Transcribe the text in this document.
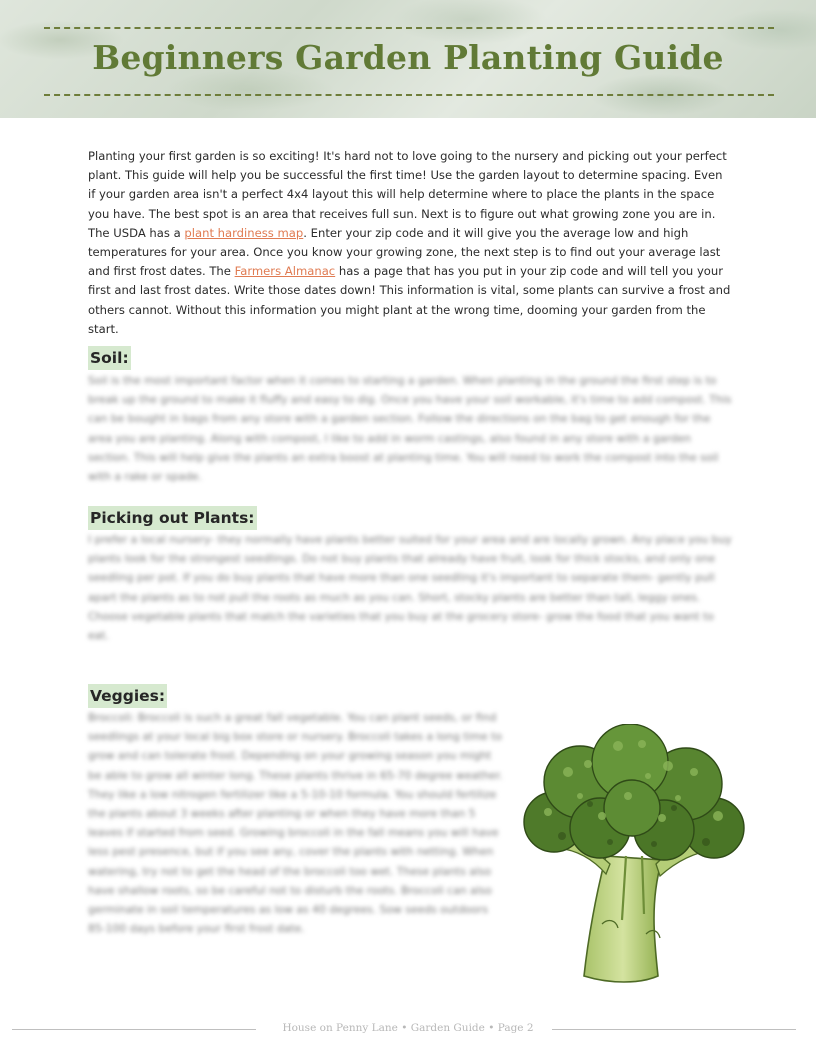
Beginners Garden Planting Guide

Planting your first garden is so exciting! It's hard not to love going to the nursery and picking out your perfect plant. This guide will help you be successful the first time! Use the garden layout to determine spacing. Even if your garden area isn't a perfect 4x4 layout this will help determine where to place the plants in the space you have. The best spot is an area that receives full sun. Next is to figure out what growing zone you are in. The USDA has a plant hardiness map. Enter your zip code and it will give you the average low and high temperatures for your area. Once you know your growing zone, the next step is to find out your average last and first frost dates. The Farmers Almanac has a page that has you put in your zip code and will tell you your first and last frost dates. Write those dates down! This information is vital, some plants can survive a frost and others cannot. Without this information you might plant at the wrong time, dooming your garden from the start.

Soil:

Soil is the most important factor when it comes to starting a garden. When planting in the ground the first step is to break up the ground to make it fluffy and easy to dig. Once you have your soil workable, it's time to add compost. This can be bought in bags from any store with a garden section. Follow the directions on the bag to get enough for the area you are planting. Along with compost, I like to add in worm castings, also found in any store with a garden section. This will help give the plants an extra boost at planting time. You will need to work the compost into the soil with a rake or spade.

Picking out Plants:

I prefer a local nursery- they normally have plants better suited for your area and are locally grown. Any place you buy plants look for the strongest seedlings. Do not buy plants that already have fruit, look for thick stocks, and only one seedling per pot. If you do buy plants that have more than one seedling it's important to separate them- gently pull apart the plants as to not pull the roots as much as you can. Short, stocky plants are better than tall, leggy ones. Choose vegetable plants that match the varieties that you buy at the grocery store- grow the food that you want to eat.

Veggies:

Broccoli: Broccoli is such a great fall vegetable. You can plant seeds, or find seedlings at your local big box store or nursery. Broccoli takes a long time to grow and can tolerate frost. Depending on your growing season you might be able to grow all winter long. These plants thrive in 65-70 degree weather. They like a low nitrogen fertilizer like a 5-10-10 formula. You should fertilize the plants about 3 weeks after planting or when they have more than 5 leaves if started from seed. Growing broccoli in the fall means you will have less pest presence, but if you see any, cover the plants with netting. When watering, try not to get the head of the broccoli too wet. These plants also have shallow roots, so be careful not to disturb the roots. Broccoli can also germinate in soil temperatures as low as 40 degrees. Sow seeds outdoors 85-100 days before your first frost date.

House on Penny Lane • Garden Guide • Page 2
